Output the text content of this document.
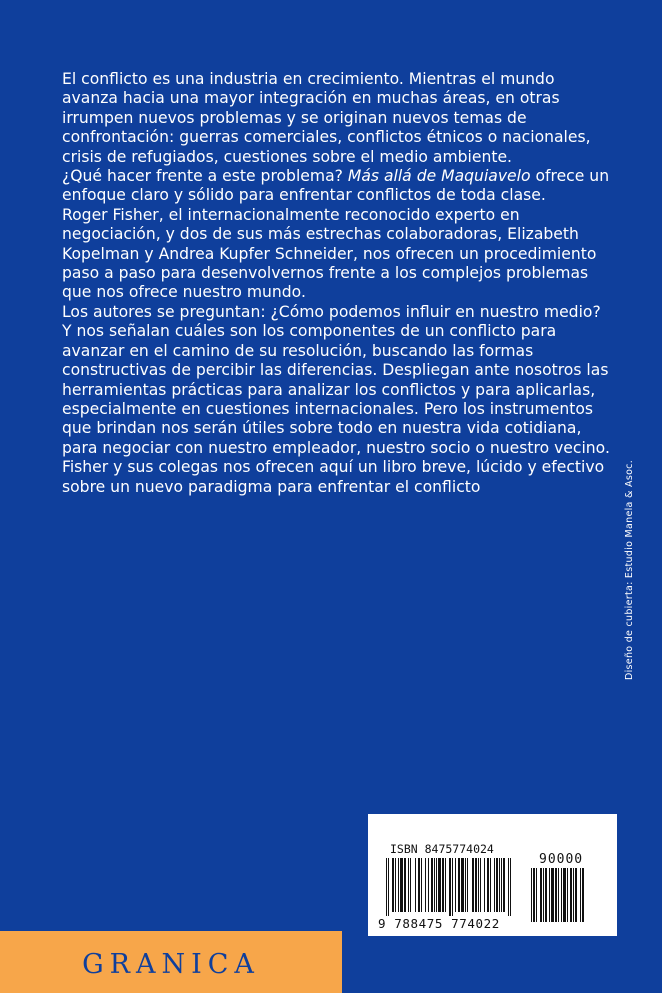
El conflicto es una industria en crecimiento. Mientras el mundo avanza hacia una mayor integración en muchas áreas, en otras irrumpen nuevos problemas y se originan nuevos temas de confrontación: guerras comerciales, conflictos étnicos o nacionales, crisis de refugiados, cuestiones sobre el medio ambiente.

¿Qué hacer frente a este problema? Más allá de Maquiavelo ofrece un enfoque claro y sólido para enfrentar conflictos de toda clase.

Roger Fisher, el internacionalmente reconocido experto en negociación, y dos de sus más estrechas colaboradoras, Elizabeth Kopelman y Andrea Kupfer Schneider, nos ofrecen un procedimiento paso a paso para desenvolvernos frente a los complejos problemas que nos ofrece nuestro mundo.

Los autores se preguntan: ¿Cómo podemos influir en nuestro medio? Y nos señalan cuáles son los componentes de un conflicto para avanzar en el camino de su resolución, buscando las formas constructivas de percibir las diferencias. Despliegan ante nosotros las herramientas prácticas para analizar los conflictos y para aplicarlas, especialmente en cuestiones internacionales. Pero los instrumentos que brindan nos serán útiles sobre todo en nuestra vida cotidiana, para negociar con nuestro empleador, nuestro socio o nuestro vecino.

Fisher y sus colegas nos ofrecen aquí un libro breve, lúcido y efectivo sobre un nuevo paradigma para enfrentar el conflicto	Diseño de cubierta: Estudio Manela & Asoc.
ISBN 8475774024
90000
9 788475 774022
GRANICA
